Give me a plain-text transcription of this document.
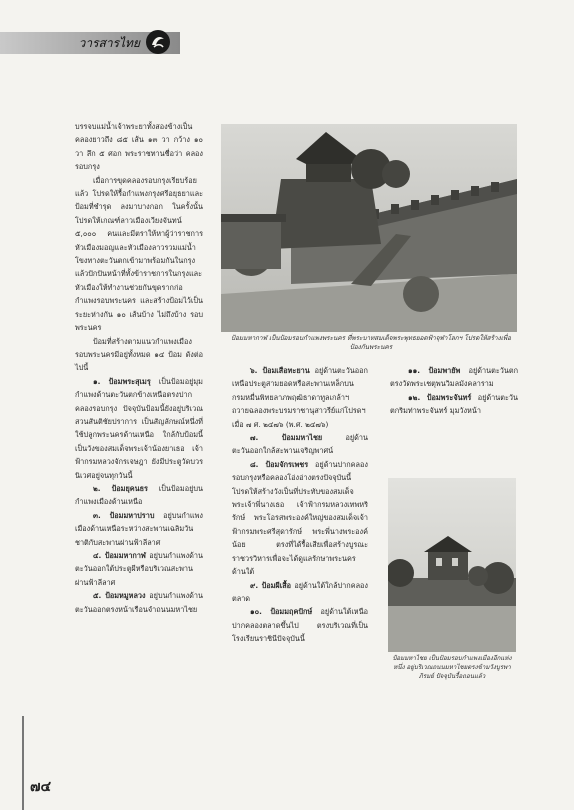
วารสารไทย

บรรจบแม่น้ำเจ้าพระยาทั้งสองข้างเป็น คลองยาวถึง ๘๕ เส้น ๑๓ วา กว้าง ๑๐ วา ลึก ๕ ศอก พระราชทานชื่อว่า คลองรอบกรุง

เมื่อการขุดคลองรอบกรุงเรียบร้อยแล้ว โปรดให้รื้อกำแพงกรุงศรีอยุธยาและป้อมที่ชำรุด ลงมาบางกอก ในครั้งนั้นโปรดให้เกณฑ์ลาวเมืองเวียงจันทน์ ๕,๐๐๐ คนและมีตราให้หาผู้ว่าราชการหัวเมืองมอญและหัวเมืองลาวรวมแม่น้ำโขงทางตะวันตกเข้ามาพร้อมกันในกรุง แล้วปักปันหน้าที่ทั้งข้าราชการในกรุงและหัวเมืองให้ทำงานช่วยกันขุดรากก่อกำแพงรอบพระนคร และสร้างป้อมไว้เป็นระยะห่างกัน ๑๐ เส้นบ้าง ไม่ถึงบ้าง รอบพระนคร

ป้อมที่สร้างตามแนวกำแพงเมืองรอบพระนครมีอยู่ทั้งหมด ๑๔ ป้อม ดังต่อไปนี้

๑. ป้อมพระสุเมรุ เป็นป้อมอยู่มุมกำแพงด้านตะวันตกข้างเหนือตรงปากคลองรอบกรุง ปัจจุบันป้อมนี้ยังอยู่บริเวณสวนสันติชัยปราการ เป็นสัญลักษณ์หนึ่งที่ใช้ปลูกพระนครด้านเหนือ ใกล้กับป้อมนี้เป็นวังของสมเด็จพระเจ้าน้องยาเธอ เจ้าฟ้ากรมหลวงจักรเจษฎา ยังมีประตูวัดบวรนิเวศอยู่จนทุกวันนี้

๒. ป้อมยุคนธร เป็นป้อมอยู่บนกำแพงเมืองด้านเหนือ

๓. ป้อมมหาปราบ อยู่บนกำแพงเมืองด้านเหนือระหว่างสะพานเฉลิมวันชาติกับสะพานผ่านฟ้าลีลาศ

๔. ป้อมมหากาฬ อยู่บนกำแพงด้านตะวันออกใต้ประตูผีหรือบริเวณสะพานผ่านฟ้าลีลาศ

๕. ป้อมหมูหลวง อยู่บนกำแพงด้านตะวันออกตรงหน้าเรือนจำถนนมหาไชย

ป้อมมหากาฬ เป็นป้อมรอบกำแพงพระนคร ที่พระบาทสมเด็จพระพุทธยอดฟ้าจุฬาโลกฯ โปรดให้สร้างเพื่อป้องกันพระนคร

๖. ป้อมเสือทะยาน อยู่ด้านตะวันออกเหนือประตูสามยอดหรือสะพานเหล็กบน กรมหมื่นพิทยลาภพฤฒิธาดาทูลเกล้าฯ ถวายฉลองพระบรมราชานุสาวรีย์แก่โปรดฯ เมื่อ ๗ ศ. ๒๔๗๖ (พ.ศ. ๒๔๗๖)

๗. ป้อมมหาไชย	อยู่ด้านตะวันออกใกล้สะพานเจริญพาศน์

๘. ป้อมจักรเพชร อยู่ด้านปากคลองรอบกรุงหรือคลองโอ่งอ่างตรงปัจจุบันนี้โปรดให้สร้างวังเป็นที่ประทับของสมเด็จพระเจ้าพี่นางเธอ เจ้าฟ้ากรมหลวงเทพหริรักษ์ พระโอรสพระองค์ใหญ่ของสมเด็จเจ้าฟ้ากรมพระศรีสุดารักษ์ พระพี่นางพระองค์น้อย ตรงที่ได้รื้อเสียเพื่อสร้างบูรณะราชวรวิหารเพื่อจะได้ดูแลรักษาพระนครด้านใต้

๙. ป้อมผีเสื้อ อยู่ด้านใต้ใกล้ปากคลองตลาด

๑๐. ป้อมมฤคปักษ์ อยู่ด้านใต้เหนือปากคลองตลาดขึ้นไป ตรงบริเวณที่เป็นโรงเรียนราชินีปัจจุบันนี้

๑๑. ป้อมพายัพ อยู่ด้านตะวันตก ตรงวัดพระเชตุพนวิมลมังคลาราม

๑๒. ป้อมพระจันทร์ อยู่ด้านตะวันตกริมท่าพระจันทร์ มุมวังหน้า

ป้อมมหาไชย เป็นป้อมรอบกำแพงเมืองอีกแห่งหนึ่ง อยู่บริเวณถนนมหาไชยตรงข้ามวังบูรพาภิรมย์ ปัจจุบันรื้อถอนแล้ว
๗๔
